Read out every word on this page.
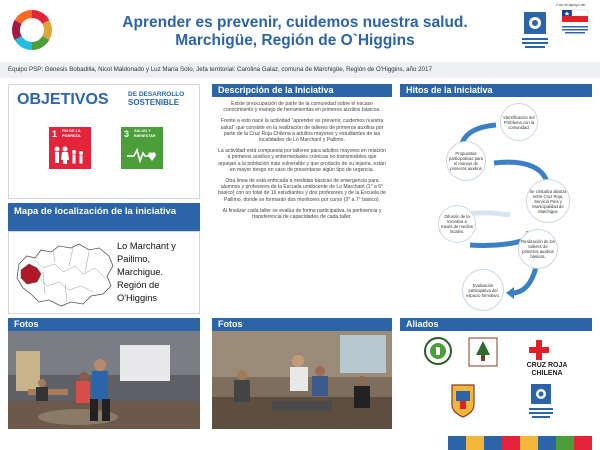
Aprender es prevenir, cuidemos nuestra salud.
Marchigüe, Región de O`Higgins
Con el apoyo de:
Equipo PSP: Génesis Bobadilla, Nicol Maldonado y Luz María Soto, Jefa territorial: Carolina Galaz, comuna de Marchigüe, Región de O'Higgins, año 2017
OBJETIVOS	DE DESARROLLO
SOSTENIBLE
1 FIN DE LA POBREZA	3 SALUD Y BIENESTAR
Mapa de localización de la iniciativa
Lo Marchant y Pailimo,
Marchigue.
Región de O'Higgins
Fotos
Descripción de la Iniciativa

Existe preocupación de parte de la comunidad sobre el escaso conocimiento y manejo de herramientas en primeros auxilios básicos.

Frente a esto nace la actividad "aprender es prevenir, cuidemos nuestra salud" que consiste en la realización de talleres de primeros auxilios por parte de la Cruz Roja Chilena a adultos mayores y estudiantes de las localidades de Lo Marchant y Pailimo.

La actividad está compuesta por talleres para adultos mayores en relación a primeros auxilios y enfermedades crónicas no transmisibles que aquejan a la población más vulnerable y que producto de su lejanía, están en mayor riesgo en caso de presentarse algún tipo de urgencia.

Otra línea de está enfocada a medidas básicas de emergencia para alumnos y profesores de la Escuela unidocente de Lo Marchant (1° a 6° básico) con un total de 16 estudiantes y dos profesores y de la Escuela de Pailimo, donde se formarán dos monitores por curso (3° a 7° básico).

Al finalizar cada taller se evalúa de forma participativa, la pertinencia y transferencia de capacidades de cada taller.

Fotos
Hitos de la Iniciativa
Identificación del Problema con la comunidad.
Propuestas participativas para el manejo de primeros auxilios
Se cristaliza alianza entre Cruz Roja, Servicio País y Municipalidad de Marchigue
Difusión de la iniciativa a través de medios locales.
Realización de los talleres de primeros auxilios básicos.
Evaluación participativa del espacio formativo.
Aliados
CRUZ ROJA CHILENA
